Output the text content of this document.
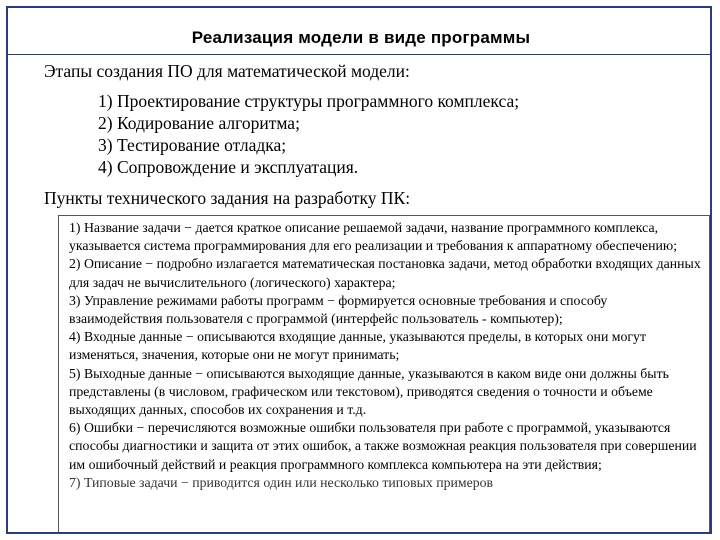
Реализация модели в виде программы
Этапы создания ПО для математической модели:
1) Проектирование структуры программного комплекса;
2) Кодирование алгоритма;
3) Тестирование отладка;
4) Сопровождение и эксплуатация.
Пункты технического задания на разработку ПК:

1) Название задачи − дается краткое описание решаемой задачи, название программного комплекса, указывается система программирования для его реализации и требования к аппаратному обеспечению;

2) Описание − подробно излагается математическая постановка задачи, метод обработки входящих данных для задач не вычислительного (логического) характера;

3) Управление режимами работы программ − формируется основные требования и способу взаимодействия пользователя с программой (интерфейс пользователь - компьютер);

4) Входные данные − описываются входящие данные, указываются пределы, в которых они могут изменяться, значения, которые они не могут принимать;

5) Выходные данные − описываются выходящие данные, указываются в каком виде они должны быть представлены (в числовом, графическом или текстовом), приводятся сведения о точности и объеме выходящих данных, способов их сохранения и т.д.

6) Ошибки − перечисляются возможные ошибки пользователя при работе с программой, указываются способы диагностики и защита от этих ошибок, а также возможная реакция пользователя при совершении им ошибочный действий и реакция программного комплекса компьютера на эти действия;

7) Типовые задачи − приводится один или несколько типовых примеров
